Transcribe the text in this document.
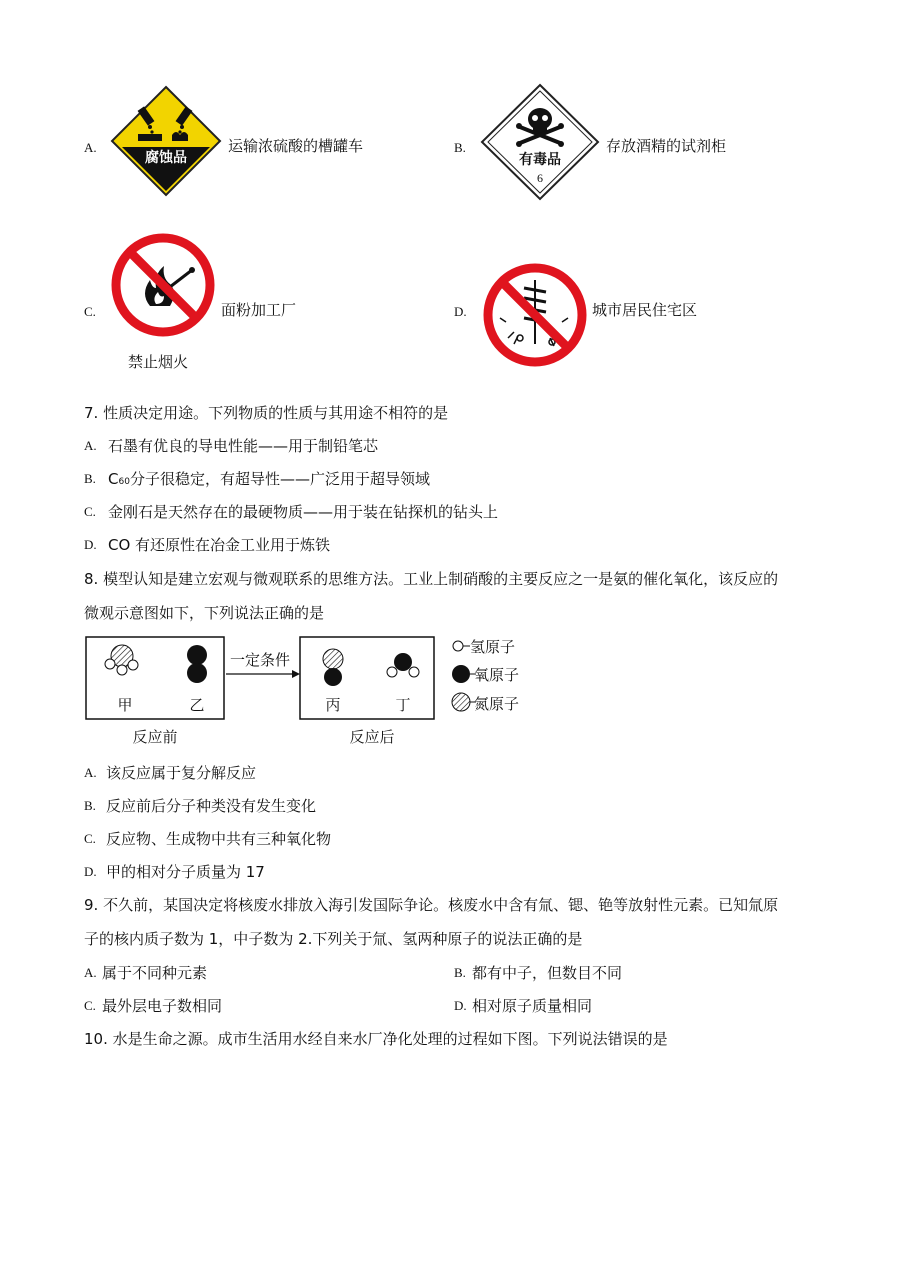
A.
腐蚀品
运输浓硫酸的槽罐车	B.
有毒品
6
存放酒精的试剂柜
C.	面粉加工厂
禁止烟火
D.	城市居民住宅区
7. 性质决定用途。下列物质的性质与其用途不相符的是
A. 石墨有优良的导电性能——用于制铅笔芯
B. C60分子很稳定，有超导性——广泛用于超导领域
C. 金刚石是天然存在的最硬物质——用于装在钻探机的钻头上
D. CO 有还原性在冶金工业用于炼铁
8. 模型认知是建立宏观与微观联系的思维方法。工业上制硝酸的主要反应之一是氨的催化氧化，该反应的
微观示意图如下，下列说法正确的是
甲	乙
一定条件
丙	丁
反应前	反应后
氢原子
氧原子
氮原子
A. 该反应属于复分解反应
B. 反应前后分子种类没有发生变化
C. 反应物、生成物中共有三种氧化物
D. 甲的相对分子质量为 17
9. 不久前，某国决定将核废水排放入海引发国际争论。核废水中含有氚、锶、铯等放射性元素。已知氚原
子的核内质子数为 1，中子数为 2.下列关于氚、氢两种原子的说法正确的是
A. 属于不同种元素	B. 都有中子，但数目不同
C. 最外层电子数相同	D. 相对原子质量相同
10. 水是生命之源。成市生活用水经自来水厂净化处理的过程如下图。下列说法错误的是
